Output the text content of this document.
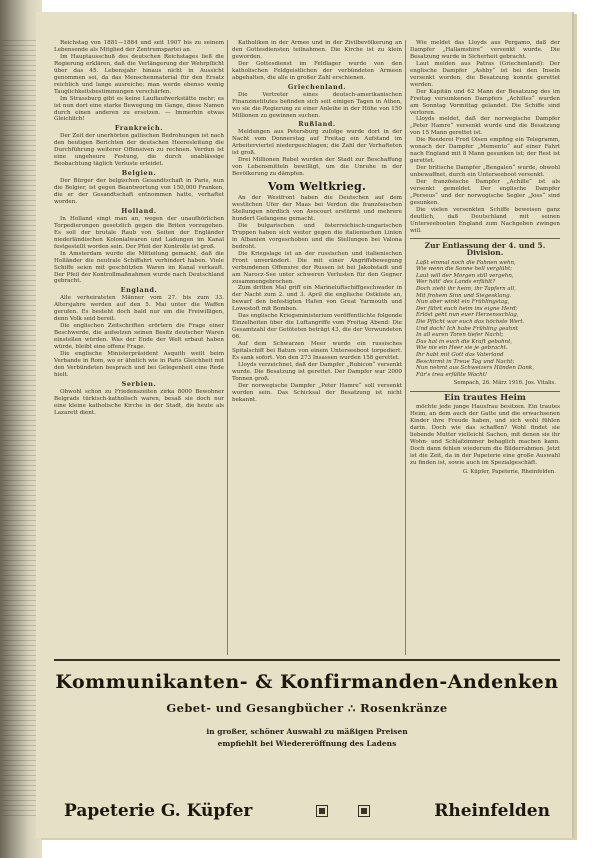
Reichstag von 1881—1884 und seit 1907 bis zu seinem Lebensende als Mitglied der Zentrumspartei an.

Im Hauptausschuß des deutschen Reichstages ließ die Regierung erklären, daß die Verlängerung der Wehrpflicht über das 45. Lebensjahr hinaus nicht in Aussicht genommen sei, da das Menschenmaterial für den Ersatz reichlich und lange ausreiche; man werde ebenso wenig Tauglichkeitsbestimmungen verschärfen.

Im Strassburg gibt es keine Lauflaufwerkstätte mehr; es ist nun dort eine starke Bewegung im Gange, diese Namen durch einen anderen zu ersetzen. — Immerhin etwas Gleichlich!

Frankreich.

Der Zeit der unerhörten gallischen Bedrohungen ist nach den heutigen Berichten der deutschen Heeresleitung die Durchführung weiterer Offensiven zu rechnen. Verdun ist eine ungeheure Festung, die durch unablässige Beobachtung täglich Verluste erleidet.

Belgien.

Der Bürger der belgischen Gesandtschaft in Paris, nun die Belgier, ist gegen Beantwortung von 150,000 Franken, die er der Gesandtschaft entnommen hatte, verhaftet worden.

Holland.

In Holland singt man an, wegen der unaufhörlichen Torpedierungen gesetzlich gegen die Briten vorzugehen. Es soll der brutale Raub von Seiten der Engländer niederländischen Kolonialwaren und Ladungen im Kanal festgestellt worden sein. Der Pfeil der Kontrolle ist groß.

In Amsterdam wurde die Mitteilung gemacht, daß die Holländer die neutrale Schiffahrt verhindert haben. Viele Schiffe seien mit geschützten Waren im Kanal verkauft. Der Pfeil der Kontrollmaßnahmen wurde nach Deutschland gebracht.

England.

Alle verheirateten Männer vom 27. bis zum 33. Altersjahre werden auf den 5. Mai unter die Waffen gerufen. Es besteht doch bald nur um die Freiwilligen, denn Volk seid bereit.

Die englischen Zeitschriften erörtern die Frage einer Beschwerde, die aufsetzen seinen Besitz deutscher Waren einstellen würden. Was der Ende der Welt erbaut haben würde, bleibt eine offene Frage.

Die englische Ministerpräsident Asquith weilt beim Verbande in Rom, wo er ähnlich wie in Paris Gleichheit mit den Verbündeten besprach und bei Gelegenheit eine Rede hielt.

Serbien.

Obwohl schon zu Friedenszeiten zirka 8000 Bewohner Belgrads türkisch-katholisch waren, besaß sie doch nur eine kleine katholische Kirche in der Stadt, die heute als Lazarett dient.

Katholiken in der Armee und in der Zivilbevölkerung an den Gottesdiensten teilnahmen. Die Kirche ist zu klein geworden.

Der Gottesdienst im Feldlager wurde von den katholischen Feldgeistlichen der verbündeten Armeen abgehalten, die alle in großer Zahl erschienen.

Griechenland.

Die Vertreter eines deutsch-amerikanischen Finanzinstitutes befinden sich seit einigen Tagen in Athen, wo sie die Regierung zu einer Anleihe in der Höhe von 150 Millionen zu gewinnen suchen.

Rußland.

Meldungen aus Petersburg zufolge wurde dort in der Nacht vom Donnerstag auf Freitag ein Aufstand im Arbeiterviertel niedergeschlagen; die Zahl der Verhafteten ist groß.

Drei Millionen Rubel wurden der Stadt zur Beschaffung von Lebensmitteln bewilligt, um die Unruhe in der Bevölkerung zu dämpfen.

Vom Weltkrieg.

An der Westfront haben die Deutschen auf dem westlichen Ufer der Maas bei Verdun die französischen Stellungen nördlich von Avocourt erstürmt und mehrere hundert Gefangene gemacht.

Die bulgarischen und österreichisch-ungarischen Truppen haben sich weiter gegen die italienischen Linien in Albanien vorgeschoben und die Stellungen bei Valona bedroht.

Die Kriegslage ist an der russischen und italienischen Front unverändert. Die mit einer Angriffsbewegung verbundenen Offensive der Russen ist bei Jakobstadt und am Narocz-See unter schweren Verlusten für den Gegner zusammengebrochen.

Zum dritten Mal griff ein Marineluftschiffgeschwader in der Nacht zum 2. und 3. April die englische Ostküste an, bewarf den befestigten Hafen von Great Yarmouth und Lowestoft mit Bomben.

Das englische Kriegsministerium veröffentlichte folgende Einzelheiten über die Luftangriffe vom Freitag Abend: Die Gesamtzahl der Getöteten beträgt 43, die der Verwundeten 66.

Auf dem Schwarzen Meer wurde ein russisches Spitalschiff bei Batum von einem Unterseeboot torpediert. Es sank sofort. Von den 273 Insassen wurden 158 gerettet.

Lloyds verzeichnet, daß der Dampfer „Rubicon“ versenkt wurde. Die Besatzung ist gerettet. Der Dampfer war 2000 Tonnen groß.

Der norwegische Dampfer „Peter Hamre“ soll versenkt worden sein. Das Schicksal der Besatzung ist nicht bekannt.

Wie meldet das Lloyds aus Pergamo, daß der Dampfer „Hallamshire“ versenkt wurde. Die Besatzung wurde in Sicherheit gebracht.

Laut melden aus Patras (Griechenland): Der englische Dampfer „Ashby“ ist bei den Inseln versenkt worden, die Besatzung konnte gerettet werden.

Der Kapitän und 62 Mann der Besatzung des im Freitag versunkenen Dampfers „Achilles“ wurden am Sonntag Vormittag gelandet. Die Schiffe sind verloren.

Lloyds meldet, daß der norwegische Dampfer „Peter Hamre“ versenkt wurde und die Besatzung von 15 Mann gerettet ist.

Die Reederei Fred Olsen empfing ein Telegramm, wonach der Dampfer „Memento“ auf einer Fahrt nach England mit 8 Mann gesunken ist; der Rest ist gerettet.

Der britische Dampfer „Bengalen“ wurde, obwohl unbewaffnet, durch ein Unterseeboot versenkt.

Der französische Dampfer „Achille“ ist als versenkt gemeldet. Der englische Dampfer „Perseus“ und der norwegische Segler „Joss“ sind gesunken.

Die vielen versenkten Schiffe beweisen ganz deutlich, daß Deutschland mit seinen Unterseebooten England zum Nachgeben zwingen will.

Zur Entlassung der 4. und 5. Division.
Laßt einmal noch die Fahnen wehn,
Wie wenn die Sonne hell verglüht;
Laut will der Morgen still vergehn,
Wer hätt' des Lands erfühlt?
Doch zieht ihr heim, ihr Tapfern all,
Mit frohem Sinn und Siegesklang.
Nun aber winkt ein Frühlingstag,
Der führt euch heim ins eigne Herd;
Erlöst geht nun euer Herzensschlag,
Die Pflicht war euch das höchste Wert.
Und doch! Ich habe Frühling geahnt
In all euren Toren tiefer Nacht;
Das hat in euch die Kraft gebahnt,
Wie nie ein Heer sie je gebracht.
Ihr habt mit Gott das Vaterland
Beschirmt in Treue Tag und Nacht;
Nun nehmt aus Schweizers Händen Dank,
Für's treu erfüllte Wacht!
Sempach, 26. März 1916. Jos. Vitalis.
Ein trautes Heim

möchte jede junge Hausfrau besitzen. Ein trautes Heim, an dem auch der Gatte und die erwachsenen Kinder ihre Freude haben, und sich wohl fühlen darin. Doch wie das schaffen? Wohl findet sie liebende Mutter vielleicht Sachen, mit denen sie ihr Wohn- und Schlafzimmer behaglich machen kann. Doch dann fehlen wiederum die Bilderrahmen. Jetzt ist die Zeit, da in der Papeterie eine große Auswahl zu finden ist, sowie auch im Spezialgeschäft.

G. Küpfer, Papeterie, Rheinfelden.
Kommunikanten- & Konfirmanden-Andenken
Gebet- und Gesangbücher ∴ Rosenkränze
in großer, schöner Auswahl zu mäßigen Preisen
empfiehlt bei Wiedereröffnung des Ladens
Papeterie G. Küpfer	Rheinfelden
